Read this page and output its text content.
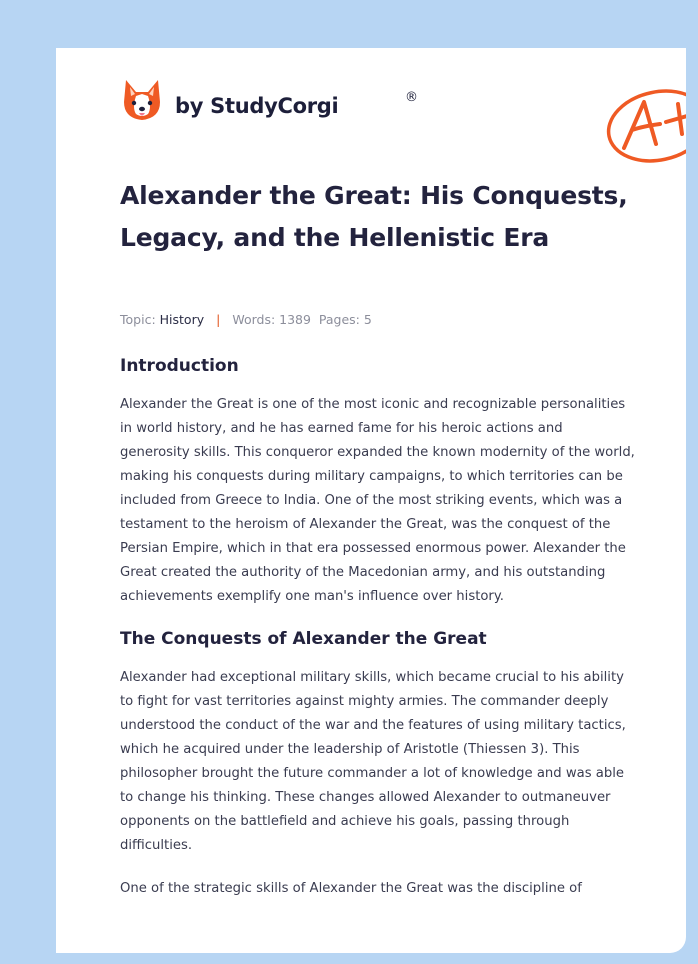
by StudyCorgi	®
Alexander the Great: His Conquests, Legacy, and the Hellenistic Era
Topic: History | Words: 1389 Pages: 5
Introduction

Alexander the Great is one of the most iconic and recognizable personalities in world history, and he has earned fame for his heroic actions and generosity skills. This conqueror expanded the known modernity of the world, making his conquests during military campaigns, to which territories can be included from Greece to India. One of the most striking events, which was a testament to the heroism of Alexander the Great, was the conquest of the Persian Empire, which in that era possessed enormous power. Alexander the Great created the authority of the Macedonian army, and his outstanding achievements exemplify one man's influence over history.

The Conquests of Alexander the Great

Alexander had exceptional military skills, which became crucial to his ability to fight for vast territories against mighty armies. The commander deeply understood the conduct of the war and the features of using military tactics, which he acquired under the leadership of Aristotle (Thiessen 3). This philosopher brought the future commander a lot of knowledge and was able to change his thinking. These changes allowed Alexander to outmaneuver opponents on the battlefield and achieve his goals, passing through difficulties.

One of the strategic skills of Alexander the Great was the discipline of
